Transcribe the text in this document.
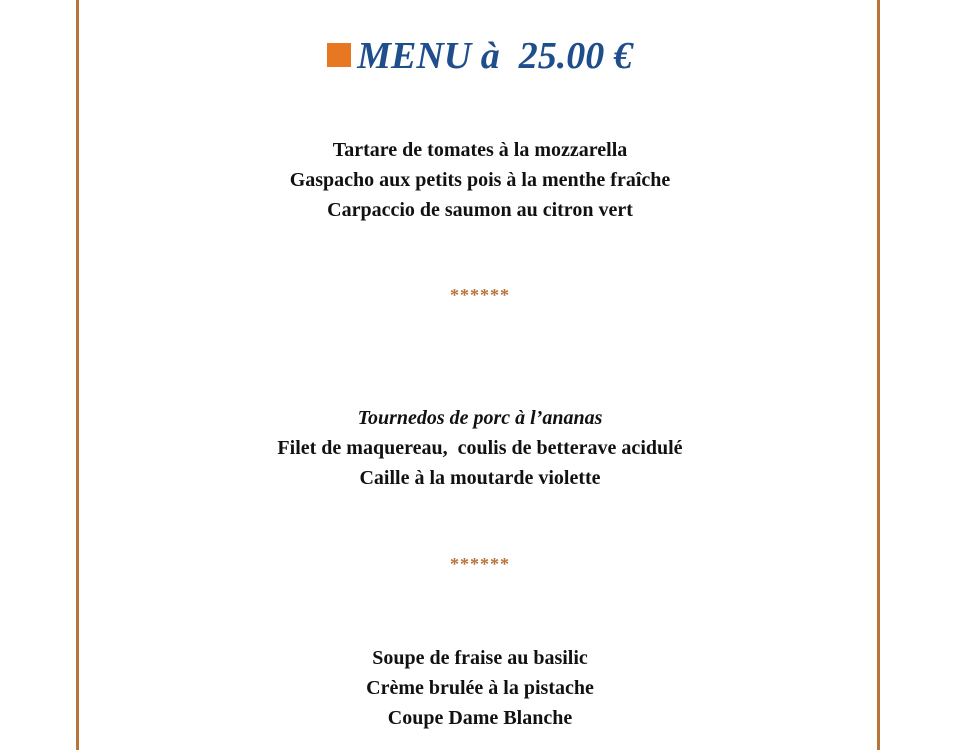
MENU à  25.00 €
Tartare de tomates à la mozzarella
Gaspacho aux petits pois à la menthe fraîche
Carpaccio de saumon au citron vert
******
Tournedos de porc à l’ananas
Filet de maquereau,  coulis de betterave acidulé
Caille à la moutarde violette
******
Soupe de fraise au basilic
Crème brulée à la pistache
Coupe Dame Blanche
